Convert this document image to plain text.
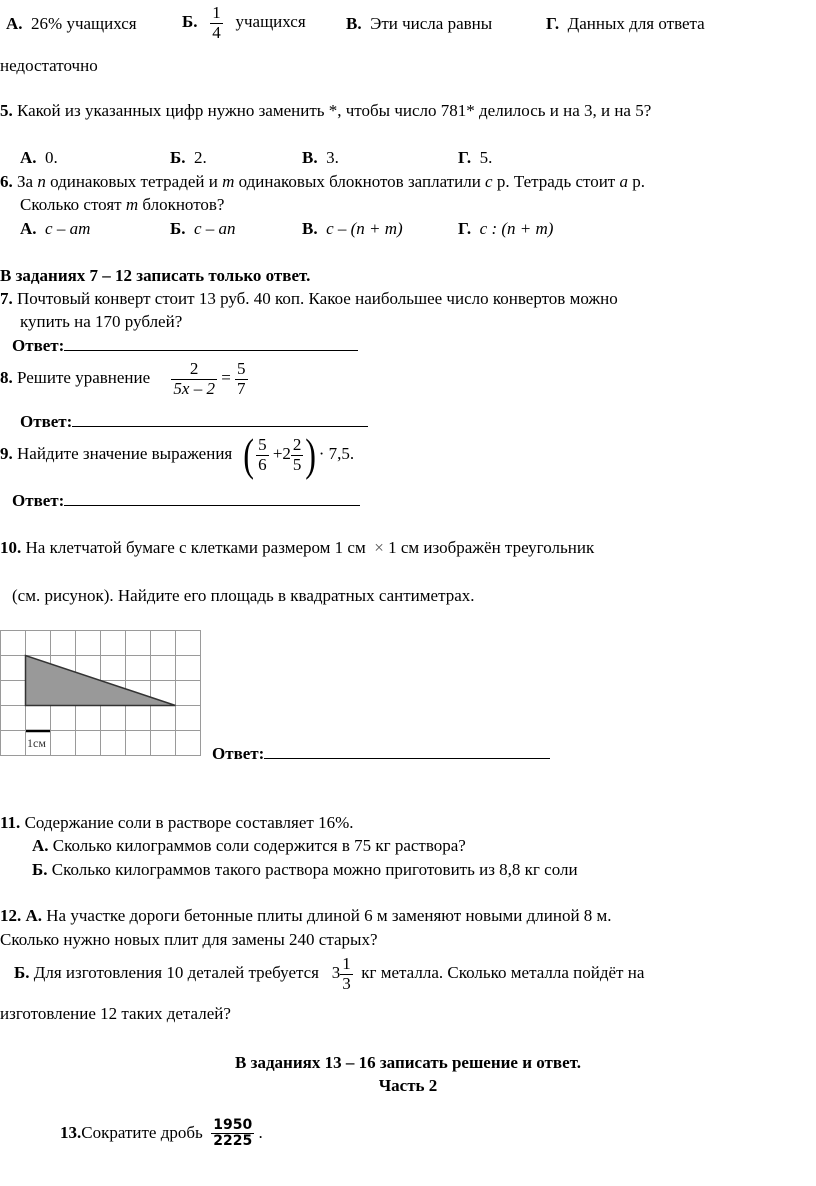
А. 26% учащихся	Б. $\frac{1}{4}$ учащихся В. Эти числа равны	Г. Данных для ответа
недостаточно
5. Какой из указанных цифр нужно заменить *, чтобы число 781* делилось и на 3, и на 5?
А. 0.	Б. 2.	В. 3.	Г. 5.
6. За n одинаковых тетрадей и m одинаковых блокнотов заплатили с р. Тетрадь стоит а р.
Сколько стоят m блокнотов?
А. с – аm	Б. с – аn	В. с – (n + m)	Г. с : (n + m)
В заданиях 7 – 12 записать только ответ.
7. Почтовый конверт стоит 13 руб. 40 коп. Какое наибольшее число конвертов можно
купить на 170 рублей?
Ответ:
8. Решите уравнение $\frac{2}{5x - 2} = \frac{5}{7}$
Ответ:
9. Найдите значение выражения ( $\frac{5}{6} +2 \frac{2}{5}$ ) · 7,5.
Ответ:
10. На клетчатой бумаге с клетками размером 1 см × 1 см изображён треугольник
(см. рисунок). Найдите его площадь в квадратных сантиметрах.
1см
Ответ:
11. Содержание соли в растворе составляет 16%.
А. Сколько килограммов соли содержится в 75 кг раствора?
Б. Сколько килограммов такого раствора можно приготовить из 8,8 кг соли
12. А. На участке дороги бетонные плиты длиной 6 м заменяют новыми длиной 8 м.
Сколько нужно новых плит для замены 240 старых?
Б. Для изготовления 10 деталей требуется $3 \frac{1}{3}$ кг металла. Сколько металла пойдёт на
изготовление 12 таких деталей?
В заданиях 13 – 16 записать решение и ответ.
Часть 2
13.Сократите дробь $\frac{1950}{2225}$ .
